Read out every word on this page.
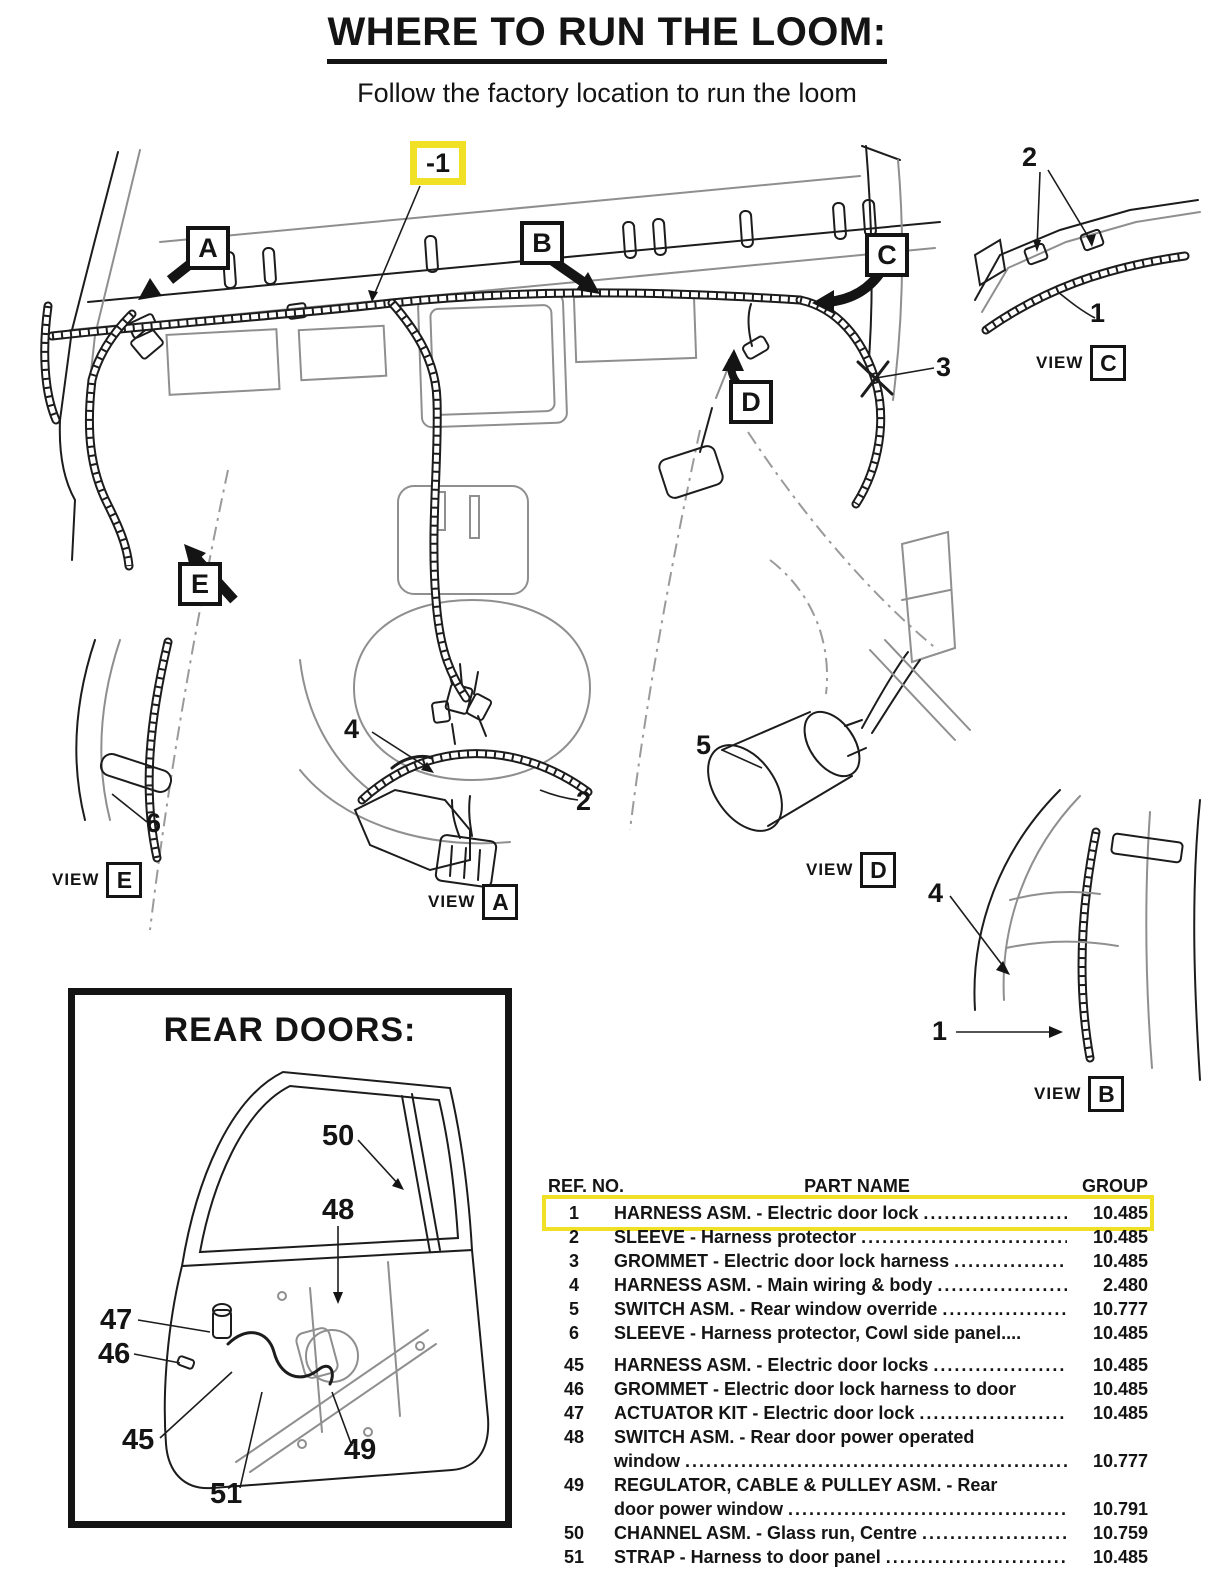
WHERE TO RUN THE LOOM:
Follow the factory location to run the loom
A	B	C
D
E
-1
3
2
1
6
4
2
5
4
1
VIEW C
VIEW E
VIEW A
VIEW D
VIEW B
REAR DOORS:
50
48
47
46
45	49
51
REF. NO.	PART NAME	GROUP
1	HARNESS ASM. - Electric door lock .....	10.485
2	SLEEVE - Harness protector .....	10.485
3	GROMMET - Electric door lock harness .....	10.485
4	HARNESS ASM. - Main wiring & body .....	2.480
5	SWITCH ASM. - Rear window override .....	10.777
6	SLEEVE - Harness protector, Cowl side panel....	10.485
45	HARNESS ASM. - Electric door locks .....	10.485
46	GROMMET - Electric door lock harness to door	10.485
47	ACTUATOR KIT - Electric door lock .....	10.485
48	SWITCH ASM. - Rear door power operated
window .....	10.777
49	REGULATOR, CABLE & PULLEY ASM. - Rear
door power window .....	10.791
50	CHANNEL ASM. - Glass run, Centre .....	10.759
51	STRAP - Harness to door panel .....	10.485
